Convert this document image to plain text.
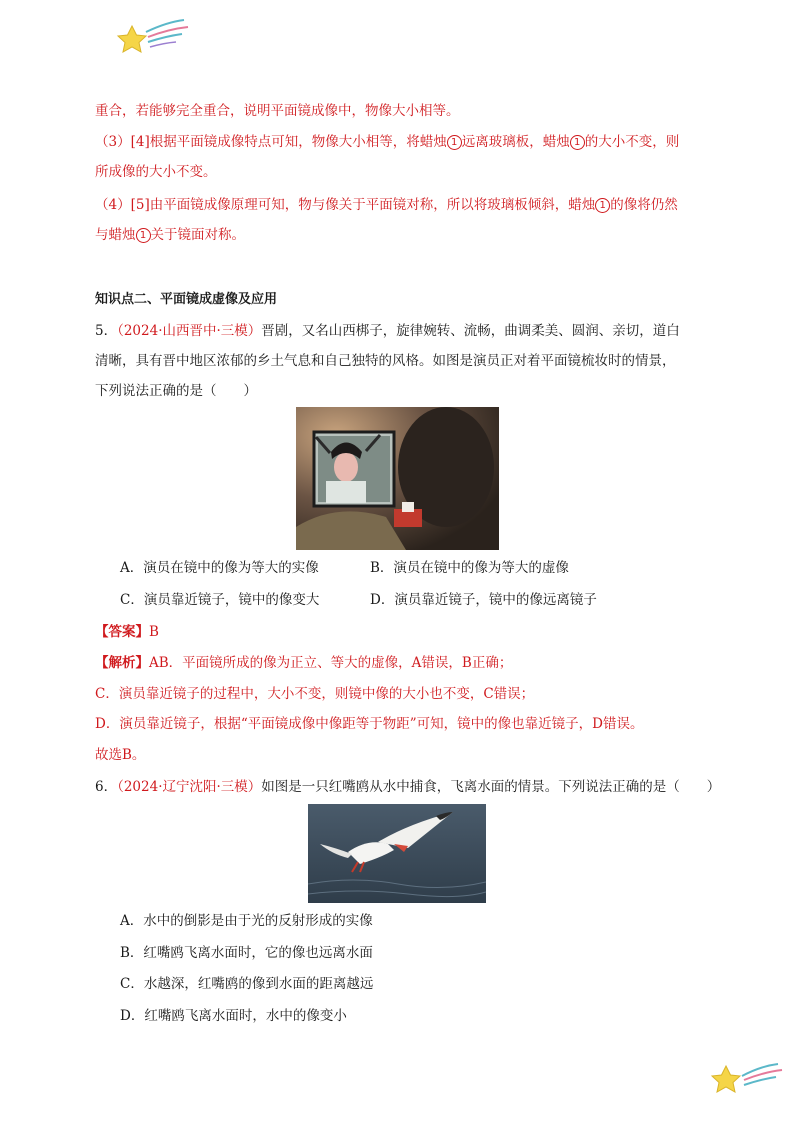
重合，若能够完全重合，说明平面镜成像中，物像大小相等。
（3）[4]根据平面镜成像特点可知，物像大小相等，将蜡烛 1 远离玻璃板，蜡烛 1 的大小不变，则
所成像的大小不变。
（4）[5]由平面镜成像原理可知，物与像关于平面镜对称，所以将玻璃板倾斜，蜡烛 1 的像将仍然
与蜡烛 1 关于镜面对称。
知识点二、平面镜成虚像及应用
5．（2024·山西晋中·三模）晋剧，又名山西梆子，旋律婉转、流畅，曲调柔美、圆润、亲切，道白
清晰，具有晋中地区浓郁的乡土气息和自己独特的风格。如图是演员正对着平面镜梳妆时的情景，
下列说法正确的是（　　）
A．演员在镜中的像为等大的实像	B．演员在镜中的像为等大的虚像
C．演员靠近镜子，镜中的像变大	D．演员靠近镜子，镜中的像远离镜子
【答案】B
【解析】AB．平面镜所成的像为正立、等大的虚像，A错误，B正确；
C．演员靠近镜子的过程中，大小不变，则镜中像的大小也不变，C错误；
D．演员靠近镜子，根据“平面镜成像中像距等于物距”可知，镜中的像也靠近镜子，D错误。
故选B。
6．（2024·辽宁沈阳·三模）如图是一只红嘴鸥从水中捕食，飞离水面的情景。下列说法正确的是（　　）
A．水中的倒影是由于光的反射形成的实像
B．红嘴鸥飞离水面时，它的像也远离水面
C．水越深，红嘴鸥的像到水面的距离越远
D．红嘴鸥飞离水面时，水中的像变小
